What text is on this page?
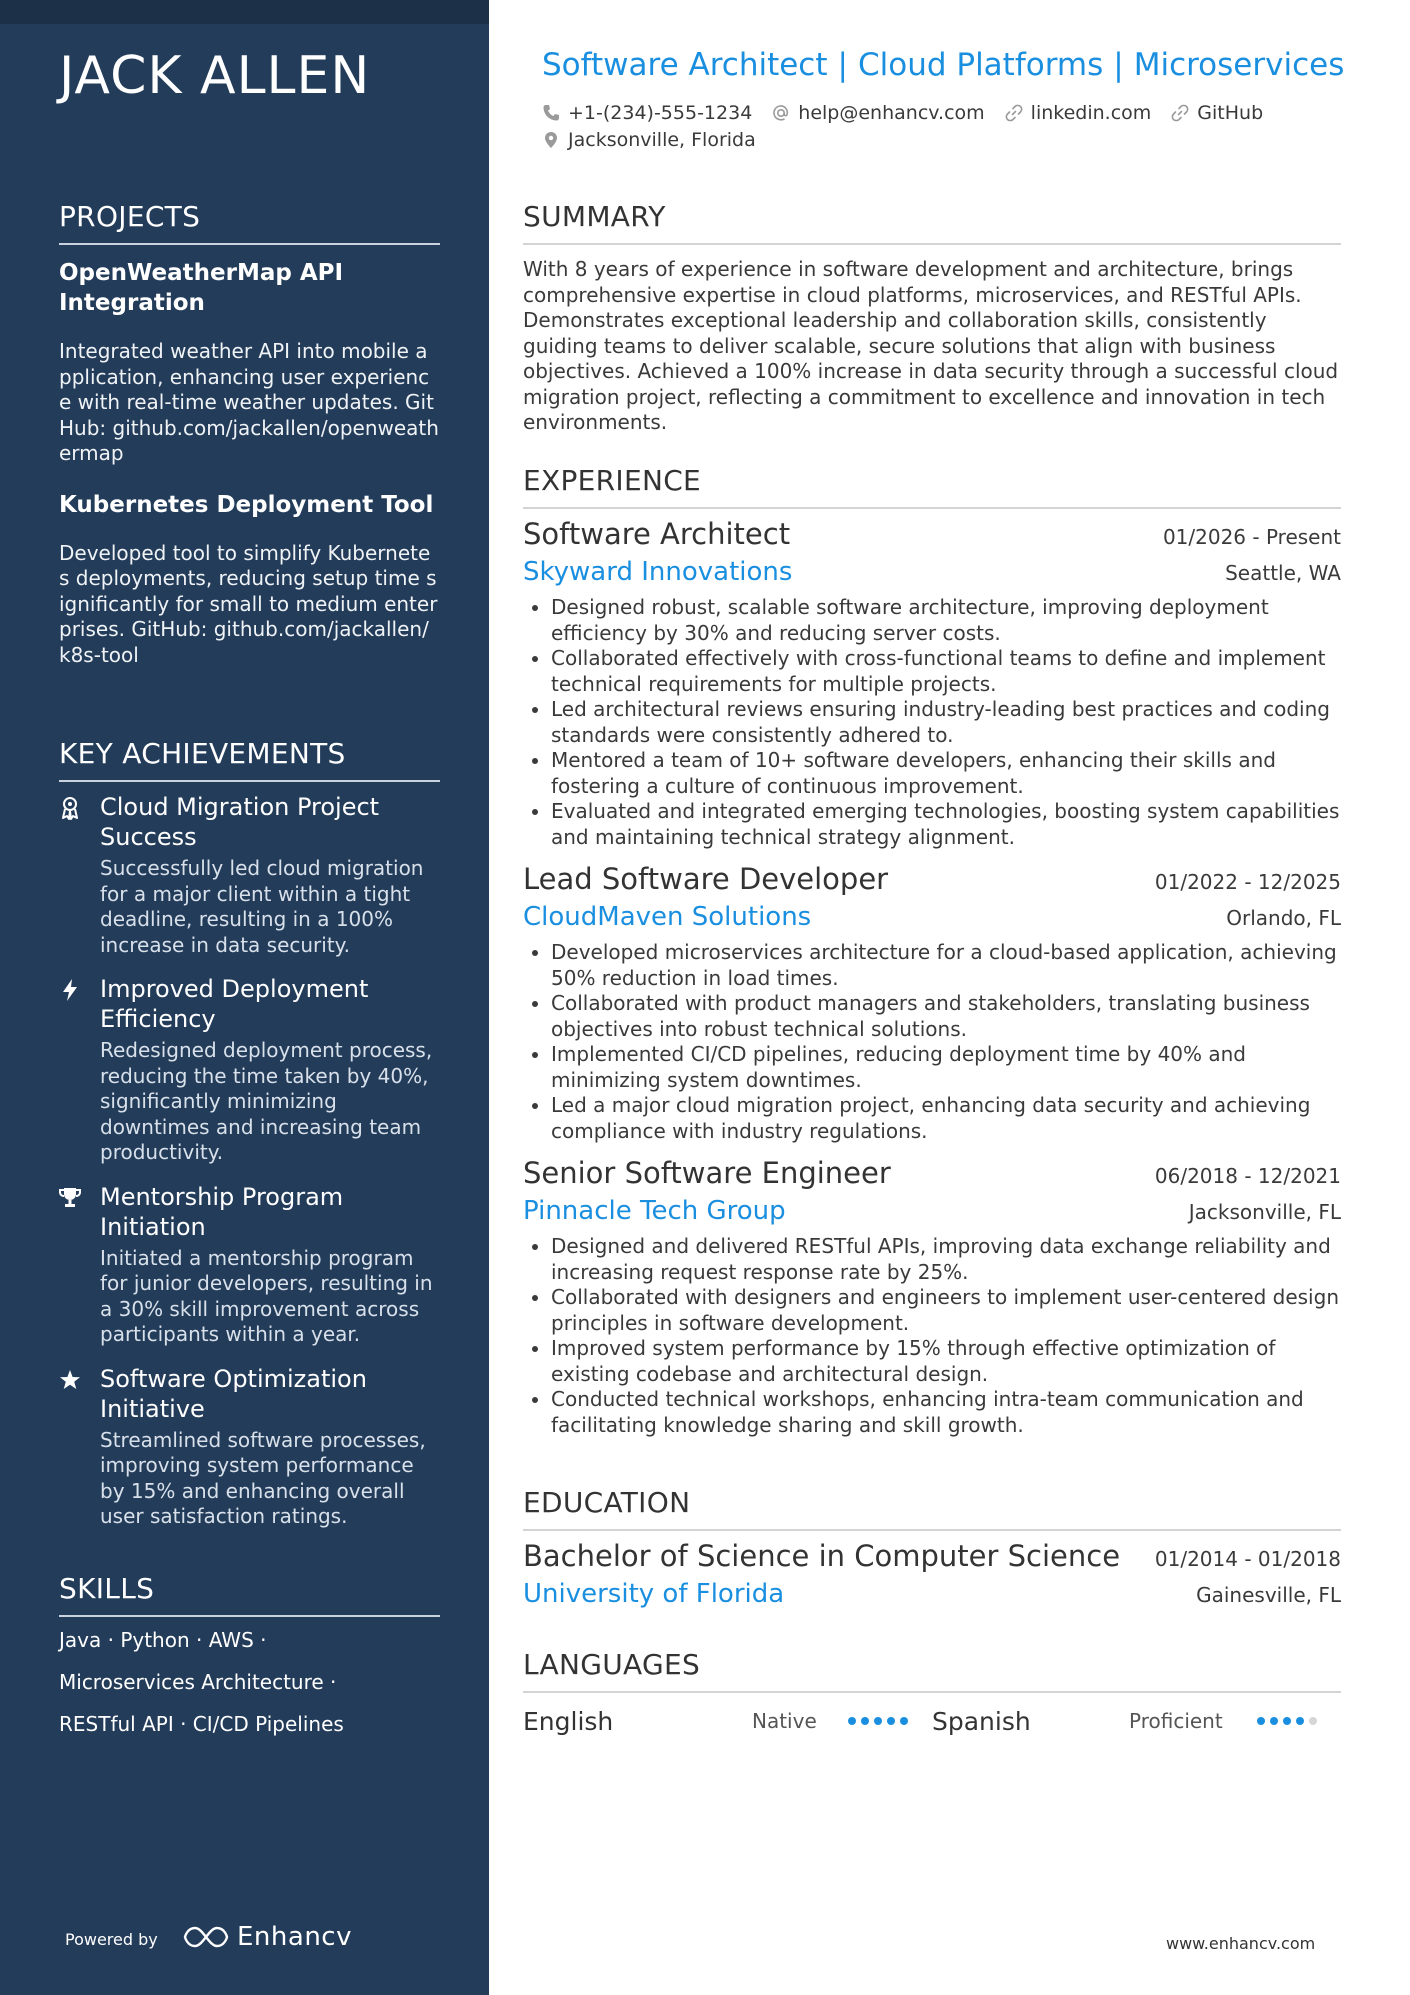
JACK ALLEN
PROJECTS

OpenWeatherMap API Integration

Integrated weather API into mobile application, enhancing user experience with real-time weather updates. GitHub: github.com/jackallen/openweathermap

Kubernetes Deployment Tool

Developed tool to simplify Kubernetes deployments, reducing setup time significantly for small to medium enterprises. GitHub: github.com/jackallen/k8s-tool

KEY ACHIEVEMENTS

Cloud Migration Project Success

Successfully led cloud migration for a major client within a tight deadline, resulting in a 100% increase in data security.

Improved Deployment Efficiency

Redesigned deployment process, reducing the time taken by 40%, significantly minimizing downtimes and increasing team productivity.

Mentorship Program Initiation

Initiated a mentorship program for junior developers, resulting in a 30% skill improvement across participants within a year.

Software Optimization Initiative

Streamlined software processes, improving system performance by 15% and enhancing overall user satisfaction ratings.

SKILLS

Java · Python · AWS ·

Microservices Architecture ·

RESTful API · CI/CD Pipelines

Powered by	Enhancv

Software Architect | Cloud Platforms | Microservices

+1-(234)-555-1234 help@enhancv.com linkedin.com GitHub
Jacksonville, Florida
SUMMARY

With 8 years of experience in software development and architecture, brings comprehensive expertise in cloud platforms, microservices, and RESTful APIs. Demonstrates exceptional leadership and collaboration skills, consistently guiding teams to deliver scalable, secure solutions that align with business objectives. Achieved a 100% increase in data security through a successful cloud migration project, reflecting a commitment to excellence and innovation in tech environments.

EXPERIENCE

Software Architect	01/2026 - Present

Skyward Innovations	Seattle, WA
• Designed robust, scalable software architecture, improving deployment efficiency by 30% and reducing server costs.
• Collaborated effectively with cross-functional teams to define and implement technical requirements for multiple projects.
• Led architectural reviews ensuring industry-leading best practices and coding standards were consistently adhered to.
• Mentored a team of 10+ software developers, enhancing their skills and fostering a culture of continuous improvement.
• Evaluated and integrated emerging technologies, boosting system capabilities and maintaining technical strategy alignment.

Lead Software Developer	01/2022 - 12/2025

CloudMaven Solutions	Orlando, FL
• Developed microservices architecture for a cloud-based application, achieving 50% reduction in load times.
• Collaborated with product managers and stakeholders, translating business objectives into robust technical solutions.
• Implemented CI/CD pipelines, reducing deployment time by 40% and minimizing system downtimes.
• Led a major cloud migration project, enhancing data security and achieving compliance with industry regulations.

Senior Software Engineer	06/2018 - 12/2021

Pinnacle Tech Group	Jacksonville, FL
• Designed and delivered RESTful APIs, improving data exchange reliability and increasing request response rate by 25%.
• Collaborated with designers and engineers to implement user-centered design principles in software development.
• Improved system performance by 15% through effective optimization of existing codebase and architectural design.
• Conducted technical workshops, enhancing intra-team communication and facilitating knowledge sharing and skill growth.
EDUCATION

Bachelor of Science in Computer Science 01/2014 - 01/2018

University of Florida	Gainesville, FL
LANGUAGES
English	Native	Spanish	Proficient
www.enhancv.com
